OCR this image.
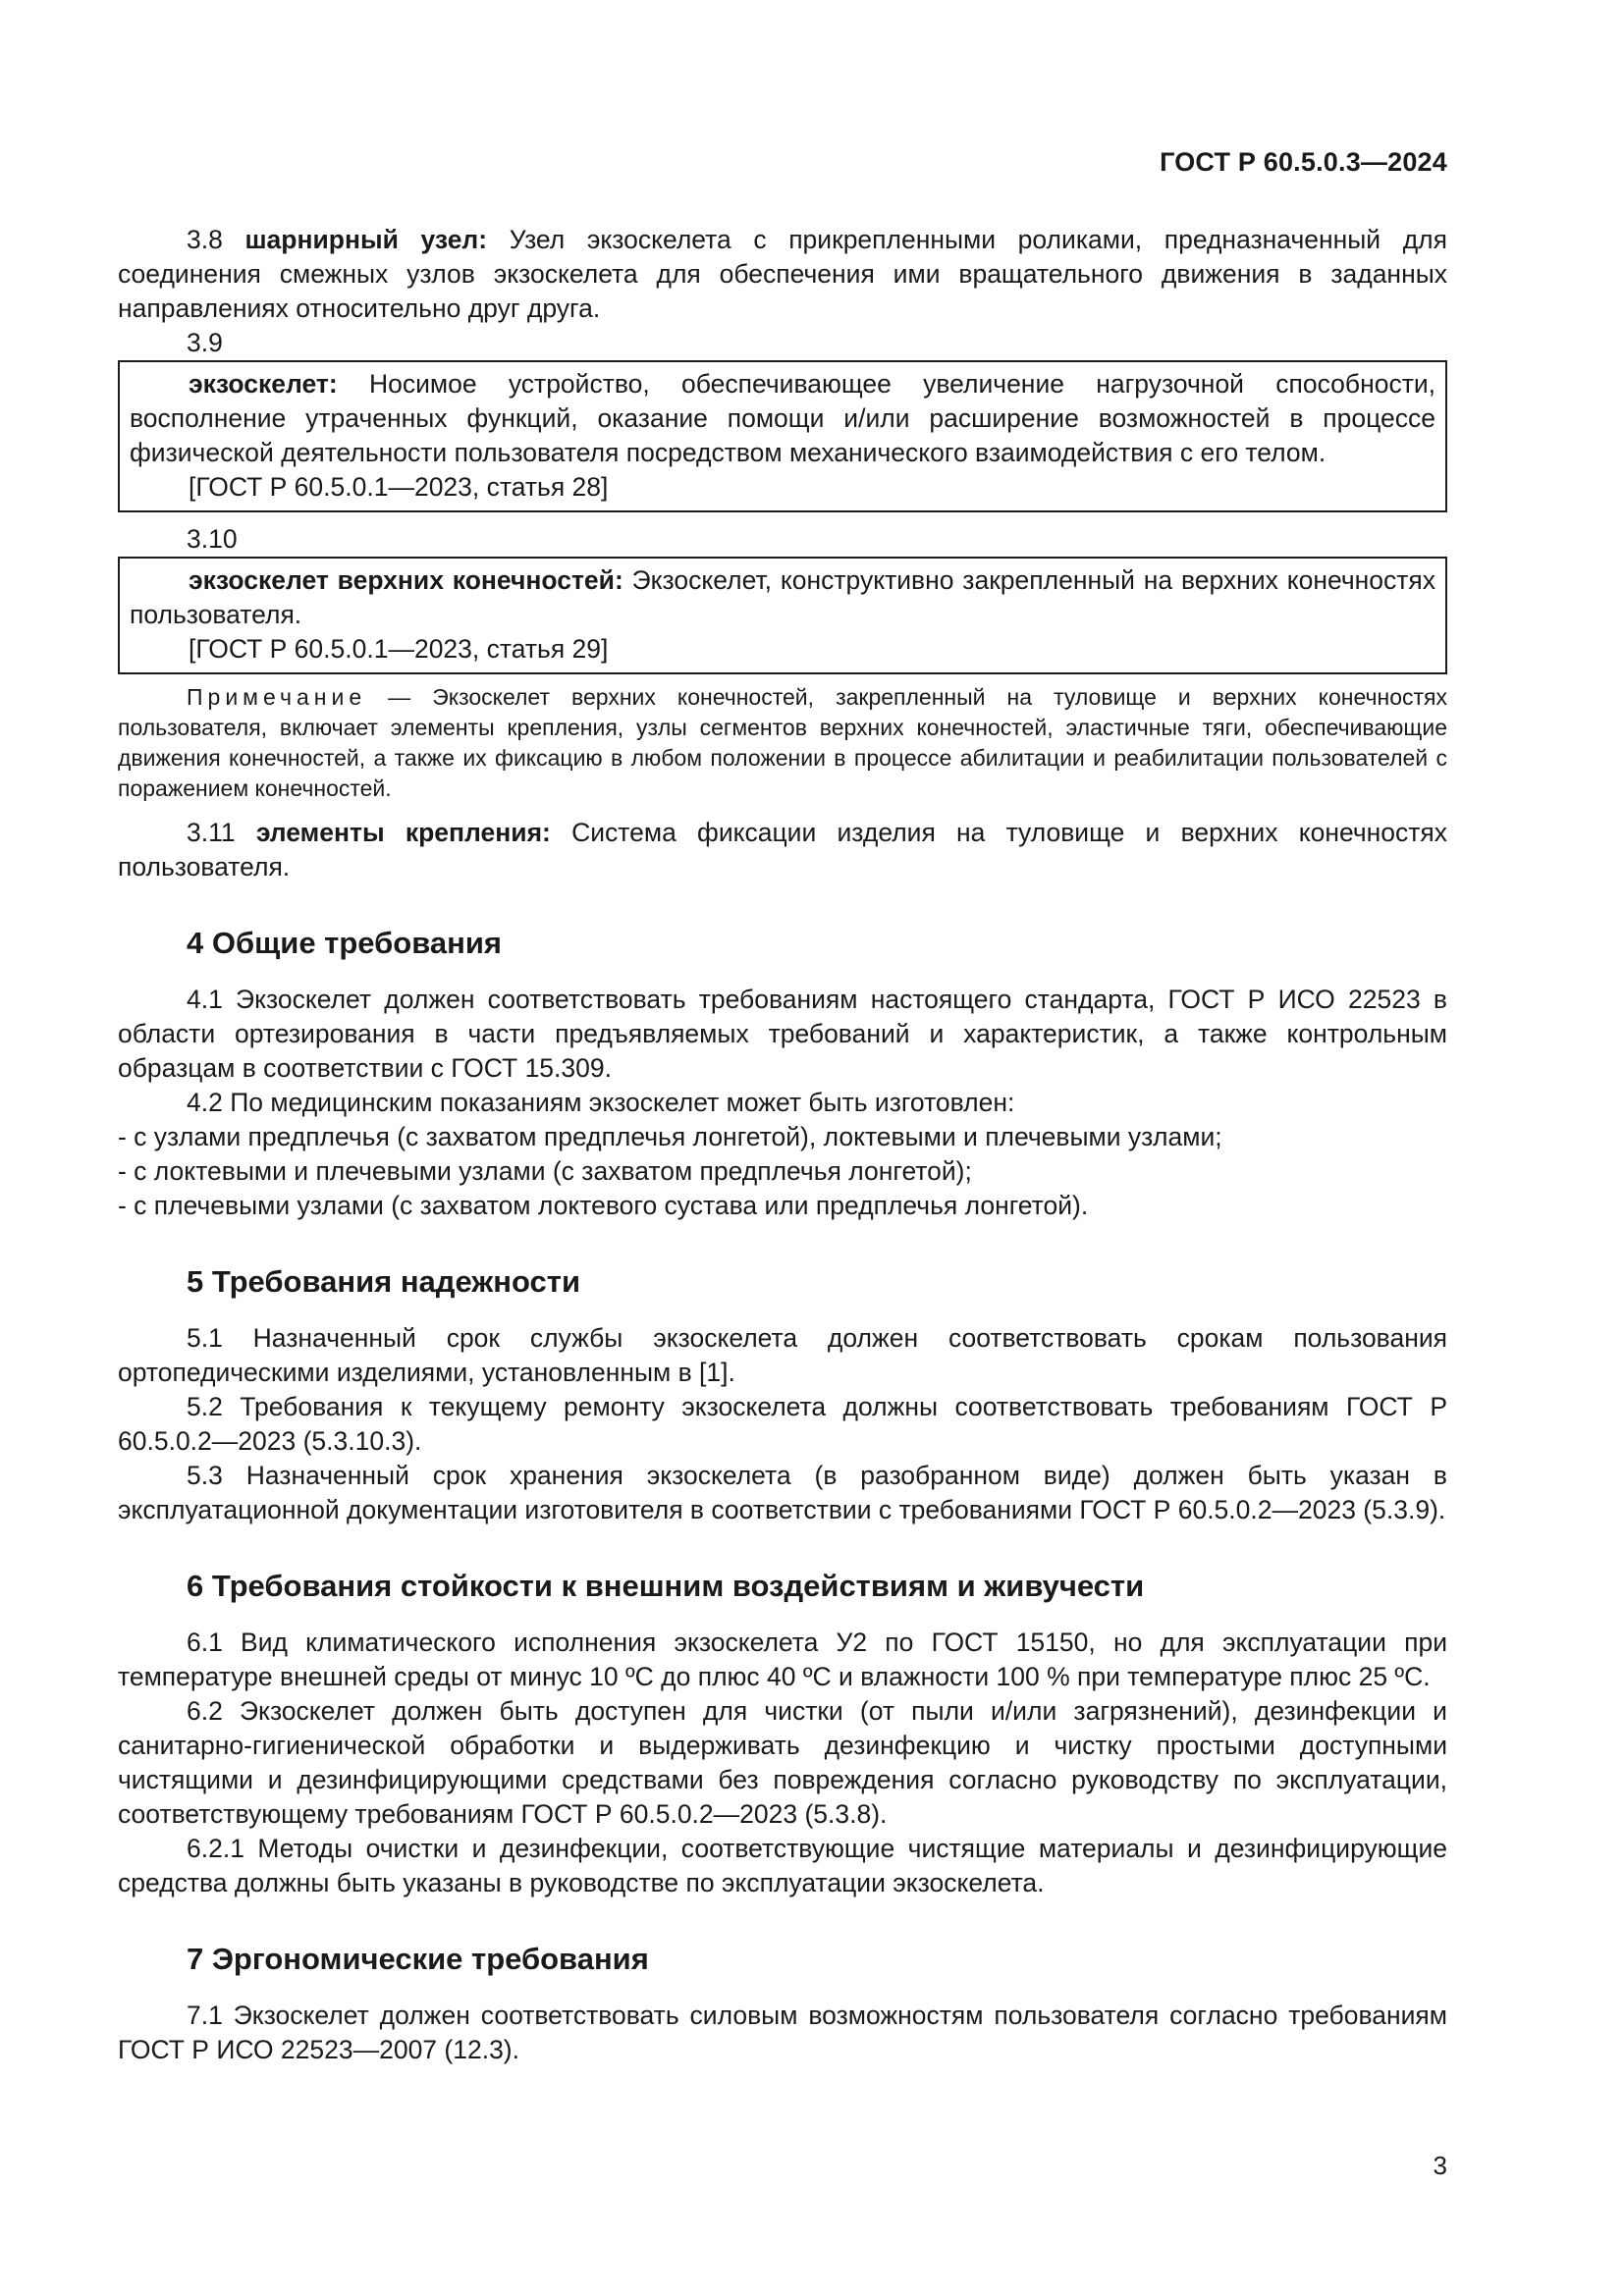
ГОСТ Р 60.5.0.3—2024

3.8 шарнирный узел: Узел экзоскелета с прикрепленными роликами, предназначенный для соединения смежных узлов экзоскелета для обеспечения ими вращательного движения в заданных направлениях относительно друг друга.

3.9

экзоскелет: Носимое устройство, обеспечивающее увеличение нагрузочной способности, восполнение утраченных функций, оказание помощи и/или расширение возможностей в процессе физической деятельности пользователя посредством механического взаимодействия с его телом.

[ГОСТ Р 60.5.0.1—2023, статья 28]

3.10

экзоскелет верхних конечностей: Экзоскелет, конструктивно закрепленный на верхних конечностях пользователя.

[ГОСТ Р 60.5.0.1—2023, статья 29]

Примечание — Экзоскелет верхних конечностей, закрепленный на туловище и верхних конечностях пользователя, включает элементы крепления, узлы сегментов верхних конечностей, эластичные тяги, обеспечивающие движения конечностей, а также их фиксацию в любом положении в процессе абилитации и реабилитации пользователей с поражением конечностей.

3.11 элементы крепления: Система фиксации изделия на туловище и верхних конечностях пользователя.

4 Общие требования

4.1 Экзоскелет должен соответствовать требованиям настоящего стандарта, ГОСТ Р ИСО 22523 в области ортезирования в части предъявляемых требований и характеристик, а также контрольным образцам в соответствии с ГОСТ 15.309.

4.2 По медицинским показаниям экзоскелет может быть изготовлен:

- с узлами предплечья (с захватом предплечья лонгетой), локтевыми и плечевыми узлами;

- с локтевыми и плечевыми узлами (с захватом предплечья лонгетой);

- с плечевыми узлами (с захватом локтевого сустава или предплечья лонгетой).

5 Требования надежности

5.1 Назначенный срок службы экзоскелета должен соответствовать срокам пользования ортопедическими изделиями, установленным в [1].

5.2 Требования к текущему ремонту экзоскелета должны соответствовать требованиям ГОСТ Р 60.5.0.2—2023 (5.3.10.3).

5.3 Назначенный срок хранения экзоскелета (в разобранном виде) должен быть указан в эксплуатационной документации изготовителя в соответствии с требованиями ГОСТ Р 60.5.0.2—2023 (5.3.9).

6 Требования стойкости к внешним воздействиям и живучести

6.1 Вид климатического исполнения экзоскелета У2 по ГОСТ 15150, но для эксплуатации при температуре внешней среды от минус 10 ºС до плюс 40 ºС и влажности 100 % при температуре плюс 25 ºС.

6.2 Экзоскелет должен быть доступен для чистки (от пыли и/или загрязнений), дезинфекции и санитарно-гигиенической обработки и выдерживать дезинфекцию и чистку простыми доступными чистящими и дезинфицирующими средствами без повреждения согласно руководству по эксплуатации, соответствующему требованиям ГОСТ Р 60.5.0.2—2023 (5.3.8).

6.2.1 Методы очистки и дезинфекции, соответствующие чистящие материалы и дезинфицирующие средства должны быть указаны в руководстве по эксплуатации экзоскелета.

7 Эргономические требования

7.1 Экзоскелет должен соответствовать силовым возможностям пользователя согласно требованиям ГОСТ Р ИСО 22523—2007 (12.3).

3
